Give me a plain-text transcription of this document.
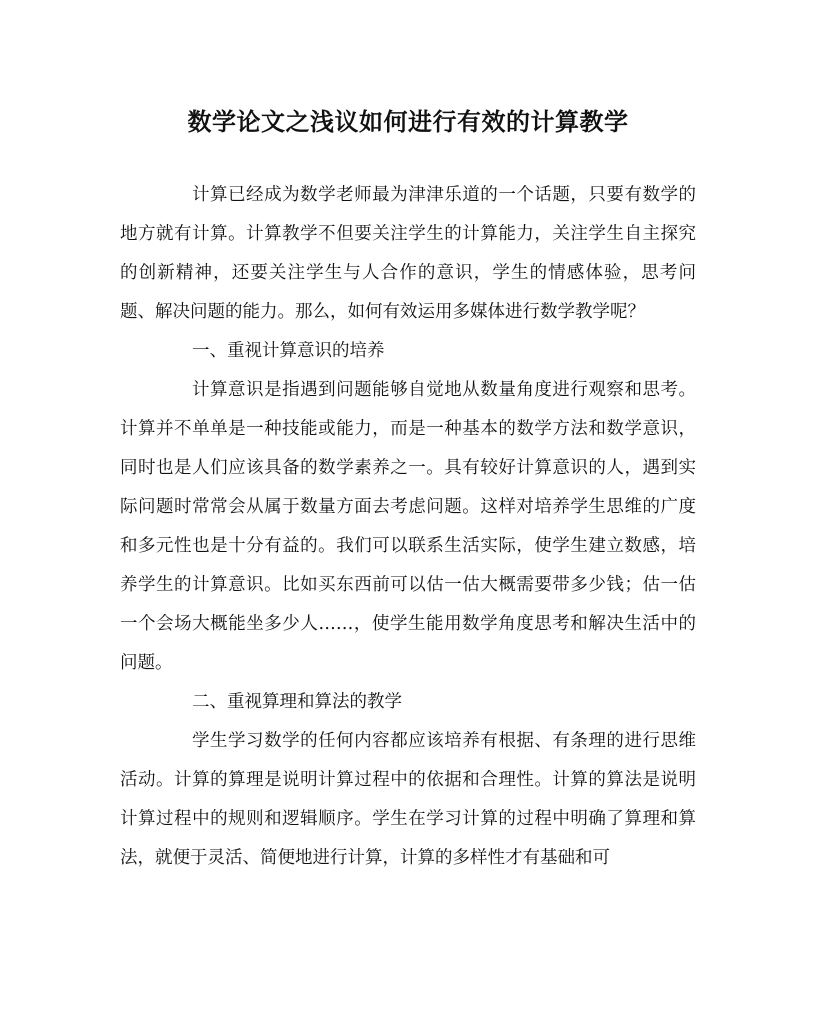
数学论文之浅议如何进行有效的计算教学

计算已经成为数学老师最为津津乐道的一个话题，只要有数学的地方就有计算。计算教学不但要关注学生的计算能力，关注学生自主探究的创新精神，还要关注学生与人合作的意识，学生的情感体验，思考问题、解决问题的能力。那么，如何有效运用多媒体进行数学教学呢？

一、重视计算意识的培养

计算意识是指遇到问题能够自觉地从数量角度进行观察和思考。计算并不单单是一种技能或能力，而是一种基本的数学方法和数学意识，同时也是人们应该具备的数学素养之一。具有较好计算意识的人，遇到实际问题时常常会从属于数量方面去考虑问题。这样对培养学生思维的广度和多元性也是十分有益的。我们可以联系生活实际，使学生建立数感，培养学生的计算意识。比如买东西前可以估一估大概需要带多少钱；估一估一个会场大概能坐多少人……，使学生能用数学角度思考和解决生活中的问题。

二、重视算理和算法的教学

学生学习数学的任何内容都应该培养有根据、有条理的进行思维活动。计算的算理是说明计算过程中的依据和合理性。计算的算法是说明计算过程中的规则和逻辑顺序。学生在学习计算的过程中明确了算理和算法，就便于灵活、简便地进行计算，计算的多样性才有基础和可
